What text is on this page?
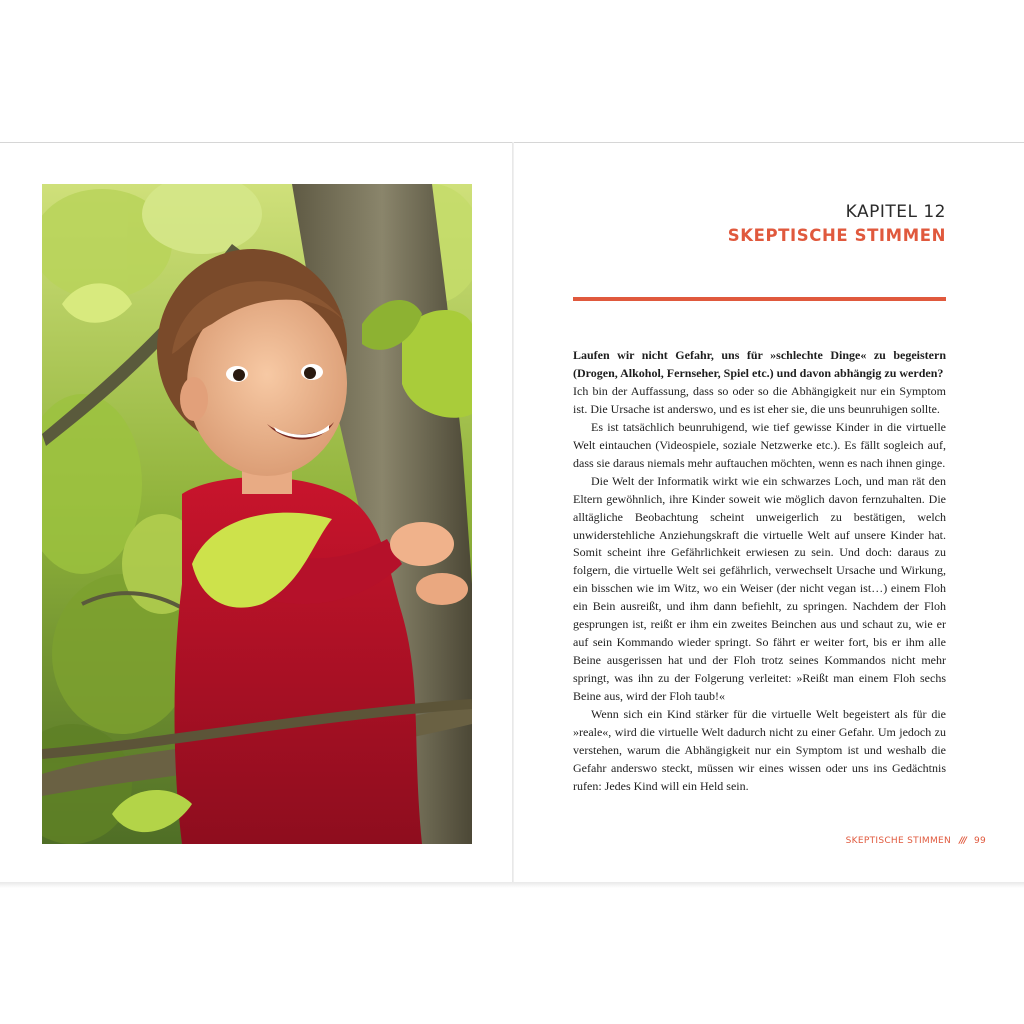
KAPITEL 12
SKEPTISCHE STIMMEN

Laufen wir nicht Gefahr, uns für »schlechte Dinge« zu begeistern (Drogen, Alkohol, Fernseher, Spiel etc.) und davon abhängig zu werden?

Ich bin der Auffassung, dass so oder so die Abhängigkeit nur ein Symptom ist. Die Ursache ist anderswo, und es ist eher sie, die uns beunruhigen sollte.

Es ist tatsächlich beunruhigend, wie tief gewisse Kinder in die virtuelle Welt eintauchen (Videospiele, soziale Netzwerke etc.). Es fällt sogleich auf, dass sie daraus niemals mehr auftauchen möchten, wenn es nach ihnen ginge.

Die Welt der Informatik wirkt wie ein schwarzes Loch, und man rät den Eltern gewöhnlich, ihre Kinder soweit wie möglich davon fernzuhalten. Die alltägliche Beobachtung scheint unweigerlich zu bestätigen, welch unwiderstehliche Anziehungskraft die virtuelle Welt auf unsere Kinder hat. Somit scheint ihre Gefährlichkeit erwiesen zu sein. Und doch: daraus zu folgern, die virtuelle Welt sei gefährlich, verwechselt Ursache und Wirkung, ein bisschen wie im Witz, wo ein Weiser (der nicht vegan ist…) einem Floh ein Bein ausreißt, und ihm dann befiehlt, zu springen. Nachdem der Floh gesprungen ist, reißt er ihm ein zweites Beinchen aus und schaut zu, wie er auf sein Kommando wieder springt. So fährt er weiter fort, bis er ihm alle Beine ausgerissen hat und der Floh trotz seines Kommandos nicht mehr springt, was ihn zu der Folgerung verleitet: »Reißt man einem Floh sechs Beine aus, wird der Floh taub!«

Wenn sich ein Kind stärker für die virtuelle Welt begeistert als für die »reale«, wird die virtuelle Welt dadurch nicht zu einer Gefahr. Um jedoch zu verstehen, warum die Abhängigkeit nur ein Symptom ist und weshalb die Gefahr anderswo steckt, müssen wir eines wissen oder uns ins Gedächtnis rufen: Jedes Kind will ein Held sein.

SKEPTISCHE STIMMEN /// 99
